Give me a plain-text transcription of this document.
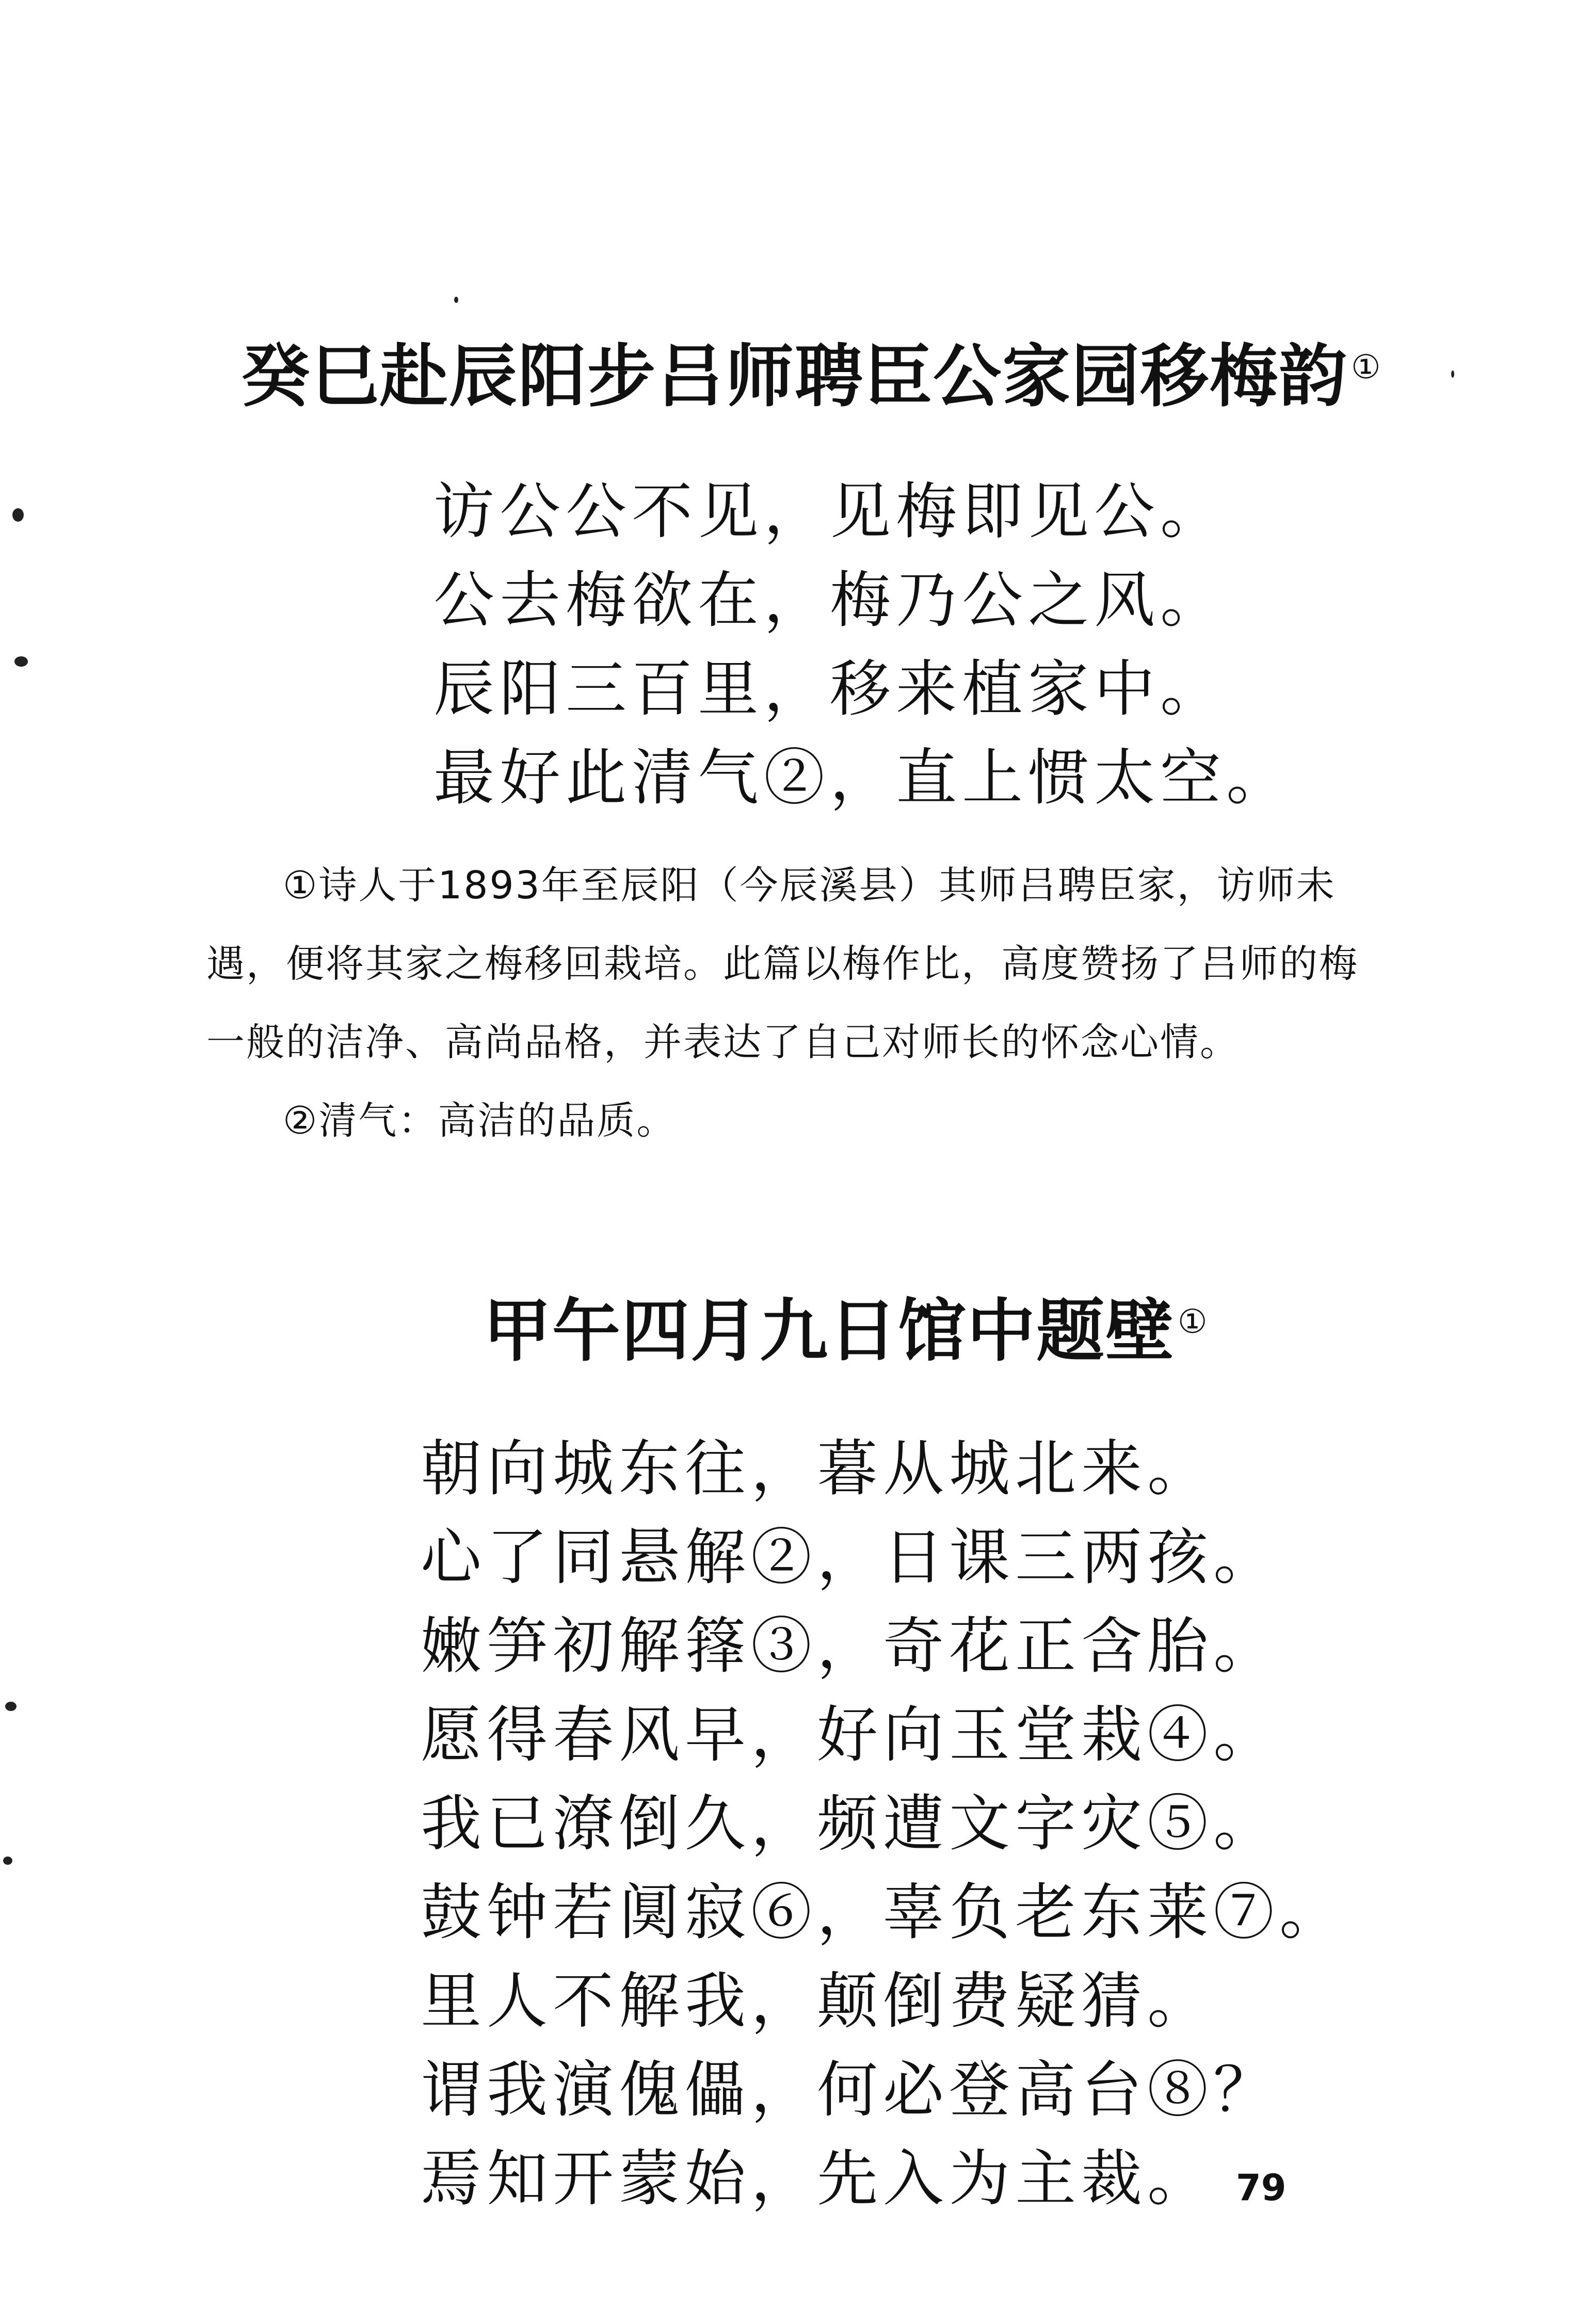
癸巳赴辰阳步吕师聘臣公家园移梅韵①
访公公不见，见梅即见公。
公去梅欲在，梅乃公之风。
辰阳三百里，移来植家中。
最好此清气②，直上惯太空。

①诗人于1893年至辰阳（今辰溪县）其师吕聘臣家，访师未遇，便将其家之梅移回栽培。此篇以梅作比，高度赞扬了吕师的梅一般的洁净、高尚品格，并表达了自己对师长的怀念心情。

②清气：高洁的品质。

甲午四月九日馆中题壁①
朝向城东往，暮从城北来。
心了同悬解②，日课三两孩。
嫩笋初解箨③，奇花正含胎。
愿得春风早，好向玉堂栽④。
我已潦倒久，频遭文字灾⑤。
鼓钟若阒寂⑥，辜负老东莱⑦。
里人不解我，颠倒费疑猜。
谓我演傀儡，何必登高台⑧？
焉知开蒙始，先入为主裁。 79
